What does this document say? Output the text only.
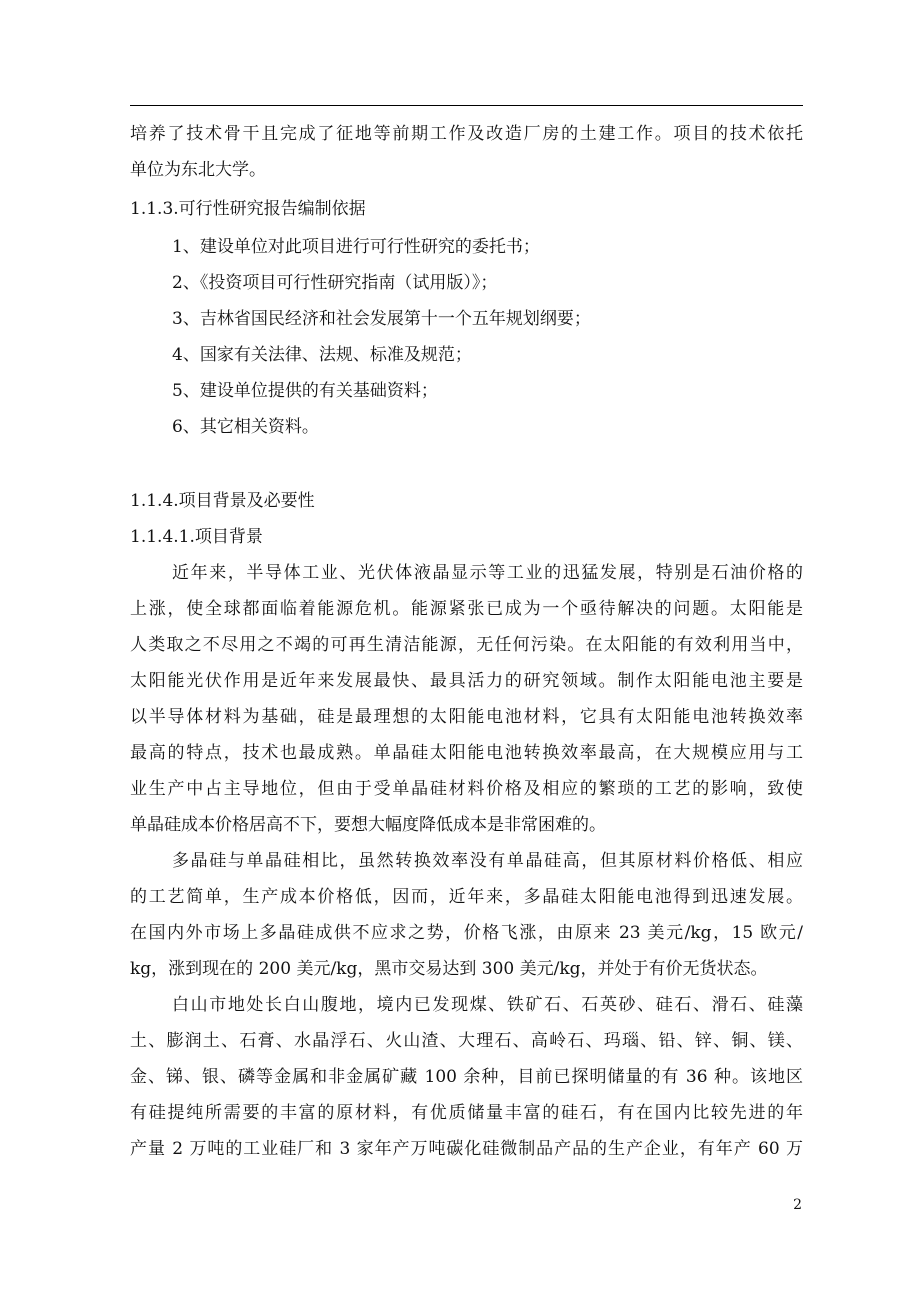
培养了技术骨干且完成了征地等前期工作及改造厂房的土建工作。项目的技术依托
单位为东北大学。
1.1.3.可行性研究报告编制依据
1、建设单位对此项目进行可行性研究的委托书；
2、《投资项目可行性研究指南（试用版）》；
3、吉林省国民经济和社会发展第十一个五年规划纲要；
4、国家有关法律、法规、标准及规范；
5、建设单位提供的有关基础资料；
6、其它相关资料。
1.1.4.项目背景及必要性
1.1.4.1.项目背景
近年来，半导体工业、光伏体液晶显示等工业的迅猛发展，特别是石油价格的
上涨，使全球都面临着能源危机。能源紧张已成为一个亟待解决的问题。太阳能是
人类取之不尽用之不竭的可再生清洁能源，无任何污染。在太阳能的有效利用当中，
太阳能光伏作用是近年来发展最快、最具活力的研究领域。制作太阳能电池主要是
以半导体材料为基础，硅是最理想的太阳能电池材料，它具有太阳能电池转换效率
最高的特点，技术也最成熟。单晶硅太阳能电池转换效率最高，在大规模应用与工
业生产中占主导地位，但由于受单晶硅材料价格及相应的繁琐的工艺的影响，致使
单晶硅成本价格居高不下，要想大幅度降低成本是非常困难的。
多晶硅与单晶硅相比，虽然转换效率没有单晶硅高，但其原材料价格低、相应
的工艺简单，生产成本价格低，因而，近年来，多晶硅太阳能电池得到迅速发展。
在国内外市场上多晶硅成供不应求之势，价格飞涨，由原来 23 美元/kg，15 欧元/
kg，涨到现在的 200 美元/kg，黑市交易达到 300 美元/kg，并处于有价无货状态。
白山市地处长白山腹地，境内已发现煤、铁矿石、石英砂、硅石、滑石、硅藻
土、膨润土、石膏、水晶浮石、火山渣、大理石、高岭石、玛瑙、铅、锌、铜、镁、
金、锑、银、磷等金属和非金属矿藏 100 余种，目前已探明储量的有 36 种。该地区
有硅提纯所需要的丰富的原材料，有优质储量丰富的硅石，有在国内比较先进的年
产量 2 万吨的工业硅厂和 3 家年产万吨碳化硅微制品产品的生产企业，有年产 60 万
2
